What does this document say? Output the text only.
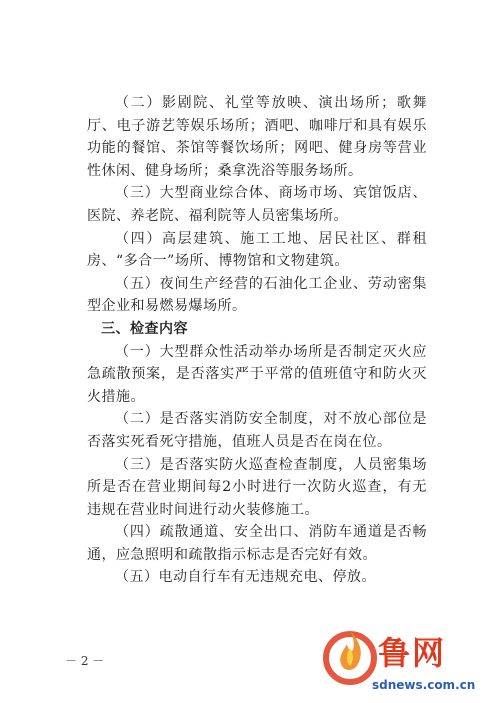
（二）影剧院、礼堂等放映、演出场所；歌舞厅、电子游艺等娱乐场所；酒吧、咖啡厅和具有娱乐功能的餐馆、茶馆等餐饮场所；网吧、健身房等营业性休闲、健身场所；桑拿洗浴等服务场所。

（三）大型商业综合体、商场市场、宾馆饭店、医院、养老院、福利院等人员密集场所。

（四）高层建筑、施工工地、居民社区、群租房、“多合一”场所、博物馆和文物建筑。

（五）夜间生产经营的石油化工企业、劳动密集型企业和易燃易爆场所。

三、检查内容

（一）大型群众性活动举办场所是否制定灭火应急疏散预案，是否落实严于平常的值班值守和防火灭火措施。

（二）是否落实消防安全制度，对不放心部位是否落实死看死守措施，值班人员是否在岗在位。

（三）是否落实防火巡查检查制度，人员密集场所是否在营业期间每2小时进行一次防火巡查，有无违规在营业时间进行动火装修施工。

（四）疏散通道、安全出口、消防车通道是否畅通，应急照明和疏散指示标志是否完好有效。

（五）电动自行车有无违规充电、停放。

－ 2 －	鲁网
sdnews.com.cn
